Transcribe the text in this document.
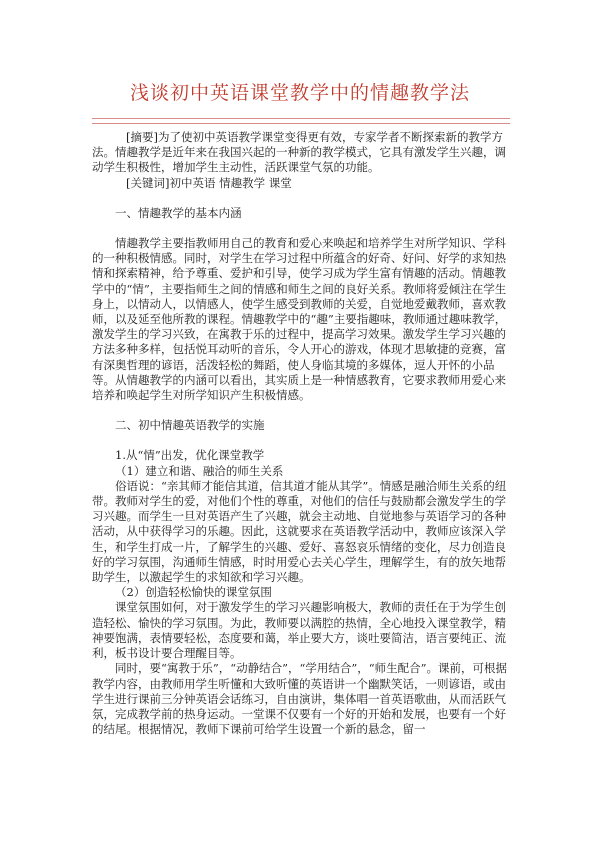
浅谈初中英语课堂教学中的情趣教学法

[摘要]为了使初中英语教学课堂变得更有效，专家学者不断探索新的教学方法。情趣教学是近年来在我国兴起的一种新的教学模式，它具有激发学生兴趣，调动学生积极性，增加学生主动性，活跃课堂气氛的功能。

[关键词]初中英语 情趣教学 课堂

一、情趣教学的基本内涵

情趣教学主要指教师用自己的教育和爱心来唤起和培养学生对所学知识、学科的一种积极情感。同时，对学生在学习过程中所蕴含的好奇、好问、好学的求知热情和探索精神，给予尊重、爱护和引导，使学习成为学生富有情趣的活动。情趣教学中的“情”，主要指师生之间的情感和师生之间的良好关系。教师将爱倾注在学生身上，以情动人，以情感人，使学生感受到教师的关爱，自觉地爱戴教师，喜欢教师，以及延至他所教的课程。情趣教学中的“趣”主要指趣味，教师通过趣味教学，激发学生的学习兴致，在寓教于乐的过程中，提高学习效果。激发学生学习兴趣的方法多种多样，包括悦耳动听的音乐，令人开心的游戏，体现才思敏捷的竞赛，富有深奥哲理的谚语，活泼轻松的舞蹈，使人身临其境的多媒体，逗人开怀的小品等。从情趣教学的内涵可以看出，其实质上是一种情感教育，它要求教师用爱心来培养和唤起学生对所学知识产生积极情感。

二、初中情趣英语教学的实施

1.从“情”出发，优化课堂教学

（1）建立和谐、融洽的师生关系

俗语说：“亲其师才能信其道，信其道才能从其学”。情感是融洽师生关系的纽带。教师对学生的爱，对他们个性的尊重，对他们的信任与鼓励都会激发学生的学习兴趣。而学生一旦对英语产生了兴趣，就会主动地、自觉地参与英语学习的各种活动，从中获得学习的乐趣。因此，这就要求在英语教学活动中，教师应该深入学生，和学生打成一片，了解学生的兴趣、爱好、喜怒哀乐情绪的变化，尽力创造良好的学习氛围，沟通师生情感，时时用爱心去关心学生，理解学生，有的放矢地帮助学生，以激起学生的求知欲和学习兴趣。

（2）创造轻松愉快的课堂氛围

课堂氛围如何，对于激发学生的学习兴趣影响极大，教师的责任在于为学生创造轻松、愉快的学习氛围。为此，教师要以满腔的热情，全心地投入课堂教学，精神要饱满，表情要轻松，态度要和蔼，举止要大方，谈吐要简洁，语言要纯正、流利，板书设计要合理醒目等。

同时，要“寓教于乐”，“动静结合”，“学用结合”，“师生配合”。课前，可根据教学内容，由教师用学生听懂和大致听懂的英语讲一个幽默笑话，一则谚语，或由学生进行课前三分钟英语会话练习，自由演讲，集体唱一首英语歌曲，从而活跃气氛，完成教学前的热身运动。一堂课不仅要有一个好的开始和发展，也要有一个好的结尾。根据情况，教师下课前可给学生设置一个新的悬念，留一
